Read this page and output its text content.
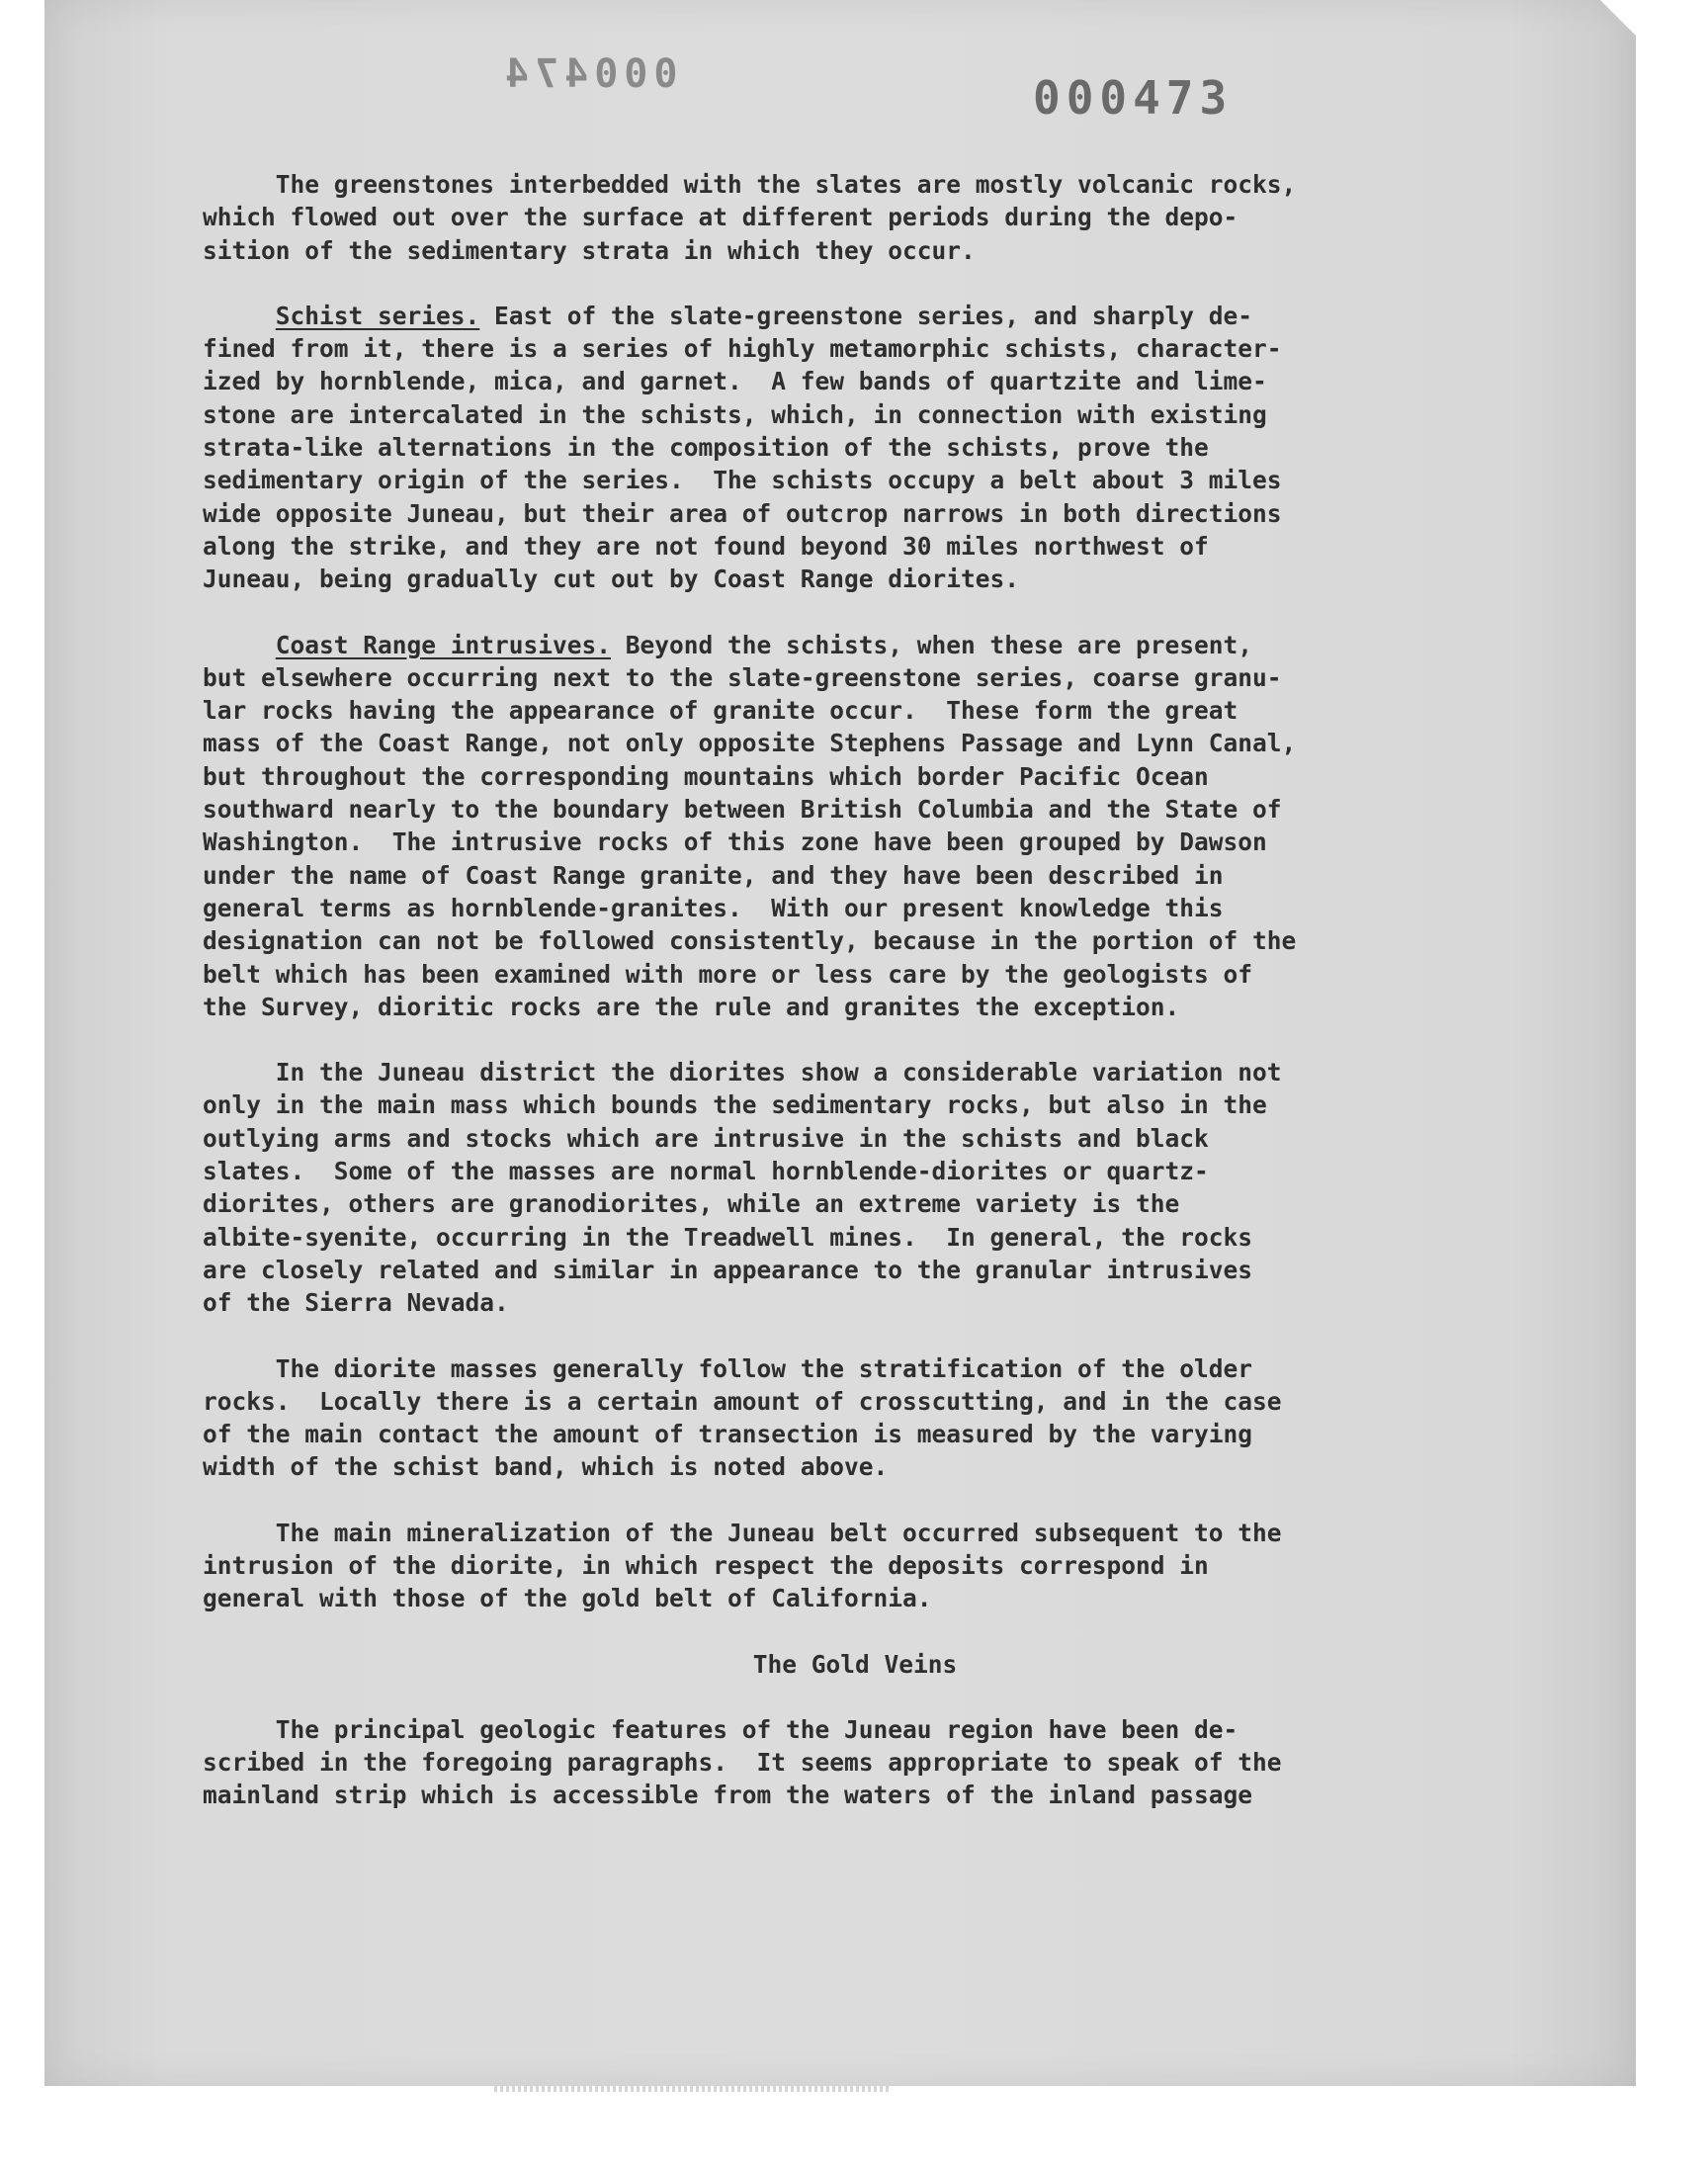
000474	000473
The greenstones interbedded with the slates are mostly volcanic rocks,
which flowed out over the surface at different periods during the depo-
sition of the sedimentary strata in which they occur.
Schist series. East of the slate-greenstone series, and sharply de-
fined from it, there is a series of highly metamorphic schists, character-
ized by hornblende, mica, and garnet.  A few bands of quartzite and lime-
stone are intercalated in the schists, which, in connection with existing
strata-like alternations in the composition of the schists, prove the
sedimentary origin of the series.  The schists occupy a belt about 3 miles
wide opposite Juneau, but their area of outcrop narrows in both directions
along the strike, and they are not found beyond 30 miles northwest of
Juneau, being gradually cut out by Coast Range diorites.
Coast Range intrusives. Beyond the schists, when these are present,
but elsewhere occurring next to the slate-greenstone series, coarse granu-
lar rocks having the appearance of granite occur.  These form the great
mass of the Coast Range, not only opposite Stephens Passage and Lynn Canal,
but throughout the corresponding mountains which border Pacific Ocean
southward nearly to the boundary between British Columbia and the State of
Washington.  The intrusive rocks of this zone have been grouped by Dawson
under the name of Coast Range granite, and they have been described in
general terms as hornblende-granites.  With our present knowledge this
designation can not be followed consistently, because in the portion of the
belt which has been examined with more or less care by the geologists of
the Survey, dioritic rocks are the rule and granites the exception.
In the Juneau district the diorites show a considerable variation not
only in the main mass which bounds the sedimentary rocks, but also in the
outlying arms and stocks which are intrusive in the schists and black
slates.  Some of the masses are normal hornblende-diorites or quartz-
diorites, others are granodiorites, while an extreme variety is the
albite-syenite, occurring in the Treadwell mines.  In general, the rocks
are closely related and similar in appearance to the granular intrusives
of the Sierra Nevada.
The diorite masses generally follow the stratification of the older
rocks.  Locally there is a certain amount of crosscutting, and in the case
of the main contact the amount of transection is measured by the varying
width of the schist band, which is noted above.
The main mineralization of the Juneau belt occurred subsequent to the
intrusion of the diorite, in which respect the deposits correspond in
general with those of the gold belt of California.
The Gold Veins
The principal geologic features of the Juneau region have been de-
scribed in the foregoing paragraphs.  It seems appropriate to speak of the
mainland strip which is accessible from the waters of the inland passage
